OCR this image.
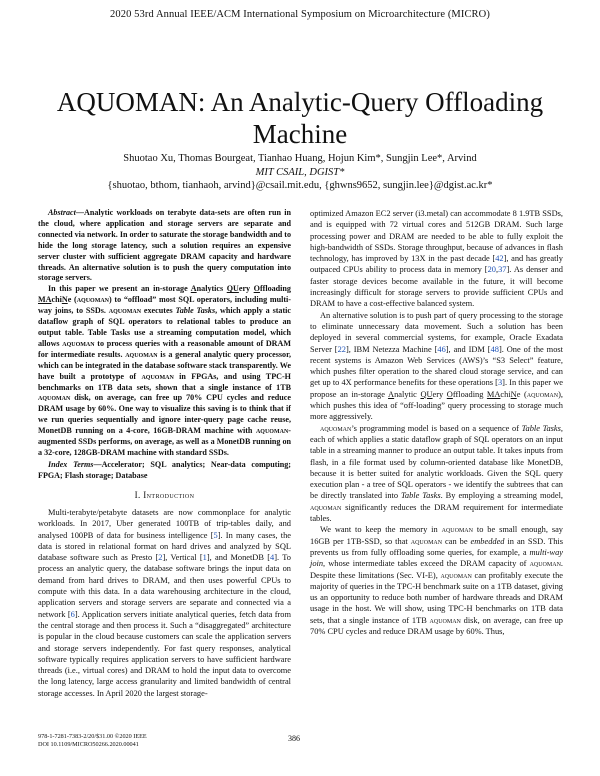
2020 53rd Annual IEEE/ACM International Symposium on Microarchitecture (MICRO)
AQUOMAN: An Analytic-Query Offloading Machine
Shuotao Xu, Thomas Bourgeat, Tianhao Huang, Hojun Kim*, Sungjin Lee*, Arvind
MIT CSAIL, DGIST*
{shuotao, bthom, tianhaoh, arvind}@csail.mit.edu, {ghwns9652, sungjin.lee}@dgist.ac.kr*

Abstract—Analytic workloads on terabyte data-sets are often run in the cloud, where application and storage servers are separate and connected via network. In order to saturate the storage bandwidth and to hide the long storage latency, such a solution requires an expensive server cluster with sufficient aggregate DRAM capacity and hardware threads. An alternative solution is to push the query computation into storage servers.

In this paper we present an in-storage Analytics QUery Offloading MAchiNe (aquoman) to “offload” most SQL operators, including multi-way joins, to SSDs. aquoman executes Table Tasks, which apply a static dataflow graph of SQL operators to relational tables to produce an output table. Table Tasks use a streaming computation model, which allows aquoman to process queries with a reasonable amount of DRAM for intermediate results. aquoman is a general analytic query processor, which can be integrated in the database software stack transparently. We have built a prototype of aquoman in FPGAs, and using TPC-H benchmarks on 1TB data sets, shown that a single instance of 1TB aquoman disk, on average, can free up 70% CPU cycles and reduce DRAM usage by 60%. One way to visualize this saving is to think that if we run queries sequentially and ignore inter-query page cache reuse, MonetDB running on a 4-core, 16GB-DRAM machine with aquoman-augmented SSDs performs, on average, as well as a MonetDB running on a 32-core, 128GB-DRAM machine with standard SSDs.

Index Terms—Accelerator; SQL analytics; Near-data computing; FPGA; Flash storage; Database

I. Introduction

Multi-terabyte/petabyte datasets are now commonplace for analytic workloads. In 2017, Uber generated 100TB of trip-tables daily, and analysed 100PB of data for business intelligence [5]. In many cases, the data is stored in relational format on hard drives and analyzed by SQL database software such as Presto [2], Vertical [1], and MonetDB [4]. To process an analytic query, the database software brings the input data on demand from hard drives to DRAM, and then uses powerful CPUs to compute with this data. In a data warehousing architecture in the cloud, application servers and storage servers are separate and connected via a network [6]. Application servers initiate analytical queries, fetch data from the central storage and then process it. Such a “disaggregated” architecture is popular in the cloud because customers can scale the application servers and storage servers independently. For fast query responses, analytical software typically requires application servers to have sufficient hardware threads (i.e., virtual cores) and DRAM to hold the input data to overcome the long latency, large access granularity and limited bandwidth of central storage accesses. In April 2020 the largest storage-

optimized Amazon EC2 server (i3.metal) can accommodate 8 1.9TB SSDs, and is equipped with 72 virtual cores and 512GB DRAM. Such large processing power and DRAM are needed to be able to fully exploit the high-bandwidth of SSDs. Storage throughput, because of advances in flash technology, has improved by 13X in the past decade [42], and has greatly outpaced CPUs ability to process data in memory [20,37]. As denser and faster storage devices become available in the future, it will become increasingly difficult for storage servers to provide sufficient CPUs and DRAM to have a cost-effective balanced system.

An alternative solution is to push part of query processing to the storage to eliminate unnecessary data movement. Such a solution has been deployed in several commercial systems, for example, Oracle Exadata Server [22], IBM Netezza Machine [46], and IDM [48]. One of the most recent systems is Amazon Web Services (AWS)’s “S3 Select” feature, which pushes filter operation to the shared cloud storage service, and can get up to 4X performance benefits for these operations [3]. In this paper we propose an in-storage Analytic QUery Offloading MAchiNe (aquoman), which pushes this idea of “off-loading” query processing to storage much more aggressively.

aquoman’s programming model is based on a sequence of Table Tasks, each of which applies a static dataflow graph of SQL operators on an input table in a streaming manner to produce an output table. It takes inputs from flash, in a file format used by column-oriented database like MonetDB, because it is better suited for analytic workloads. Given the SQL query execution plan - a tree of SQL operators - we identify the subtrees that can be directly translated into Table Tasks. By employing a streaming model, aquoman significantly reduces the DRAM requirement for intermediate tables.

We want to keep the memory in aquoman to be small enough, say 16GB per 1TB-SSD, so that aquoman can be embedded in an SSD. This prevents us from fully offloading some queries, for example, a multi-way join, whose intermediate tables exceed the DRAM capacity of aquoman. Despite these limitations (Sec. VI-E), aquoman can profitably execute the majority of queries in the TPC-H benchmark suite on a 1TB dataset, giving us an opportunity to reduce both number of hardware threads and DRAM usage in the host. We will show, using TPC-H benchmarks on 1TB data sets, that a single instance of 1TB aquoman disk, on average, can free up 70% CPU cycles and reduce DRAM usage by 60%. Thus,

978-1-7281-7383-2/20/$31.00 ©2020 IEEE
DOI 10.1109/MICRO50266.2020.00041
386
